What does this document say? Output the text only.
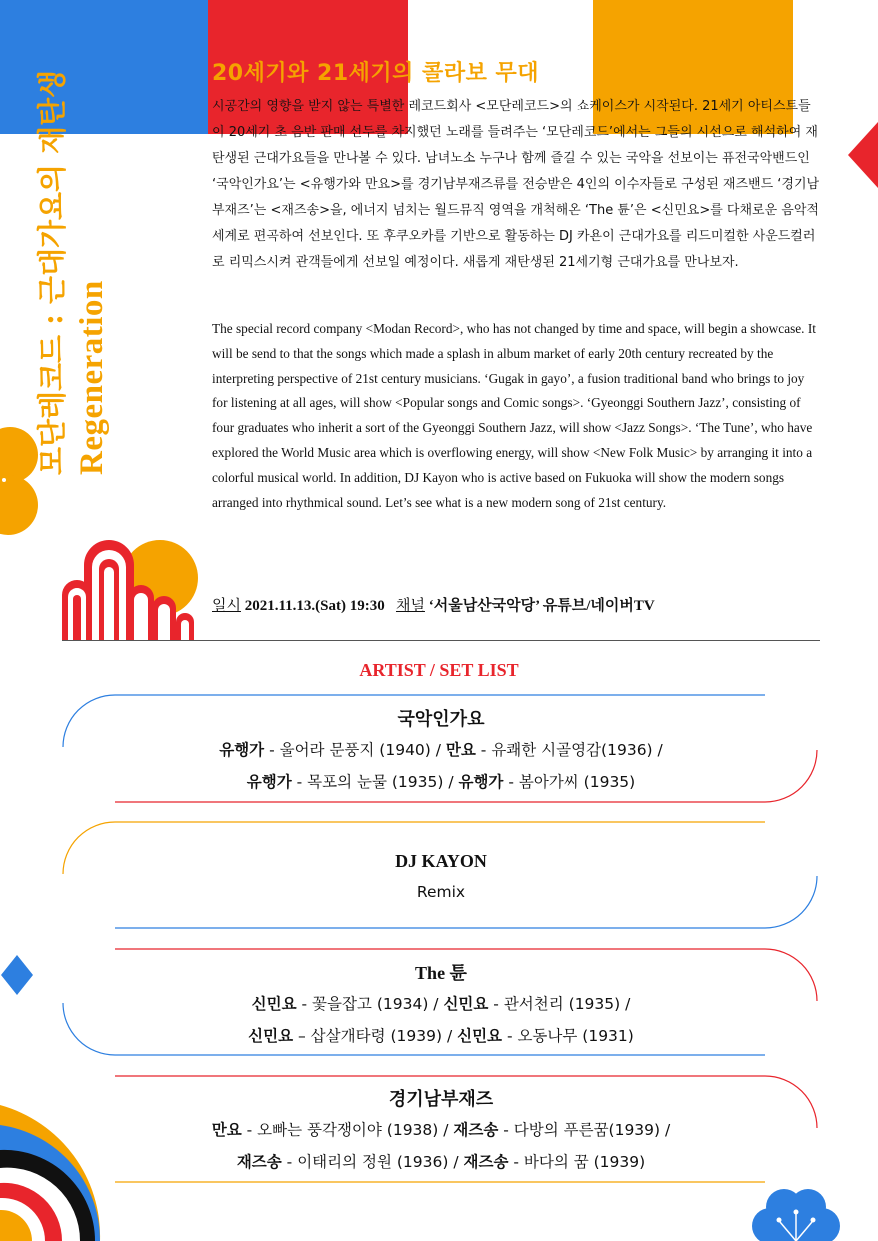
모단레코드 : 근대가요의 재탄생 Regeneration
20세기와 21세기의 콜라보 무대
시공간의 영향을 받지 않는 특별한 레코드회사 <모단레코드>의 쇼케이스가 시작된다. 21세기 아티스트들이 20세기 초 음반 판매 선두를 차지했던 노래를 들려주는 ‘모단레코드’에서는 그들의 시선으로 해석하여 재탄생된 근대가요들을 만나볼 수 있다. 남녀노소 누구나 함께 즐길 수 있는 국악을 선보이는 퓨전국악밴드인 ‘국악인가요’는 <유행가와 만요>를 경기남부재즈류를 전승받은 4인의 이수자들로 구성된 재즈밴드 ‘경기남부재즈’는 <재즈송>을, 에너지 넘치는 월드뮤직 영역을 개척해온 ‘The 튠’은 <신민요>를 다채로운 음악적 세계로 편곡하여 선보인다. 또 후쿠오카를 기반으로 활동하는 DJ 카욘이 근대가요를 리드미컬한 사운드컬러로 리믹스시켜 관객들에게 선보일 예정이다. 새롭게 재탄생된 21세기형 근대가요를 만나보자.
The special record company <Modan Record>, who has not changed by time and space, will begin a showcase. It will be send to that the songs which made a splash in album market of early 20th century recreated by the interpreting perspective of 21st century musicians. ‘Gugak in gayo’, a fusion traditional band who brings to joy for listening at all ages, will show <Popular songs and Comic songs>. ‘Gyeonggi Southern Jazz’, consisting of four graduates who inherit a sort of the Gyeonggi Southern Jazz, will show <Jazz Songs>. ‘The Tune’, who have explored the World Music area which is overflowing energy, will show <New Folk Music> by arranging it into a colorful musical world. In addition, DJ Kayon who is active based on Fukuoka will show the modern songs arranged into rhythmical sound. Let’s see what is a new modern song of 21st century.
일시 2021.11.13.(Sat) 19:30 채널 ‘서울남산국악당’ 유튜브/네이버TV
ARTIST / SET LIST
국악인가요
유행가 - 울어라 문풍지 (1940) / 만요 - 유쾌한 시골영감(1936) /
유행가 - 목포의 눈물 (1935) / 유행가 - 봄아가씨 (1935)
DJ KAYON
Remix
The 튠
신민요 - 꽃을잡고 (1934) / 신민요 - 관서천리 (1935) /
신민요 – 삽살개타령 (1939) / 신민요 - 오동나무 (1931)
경기남부재즈
만요 - 오빠는 풍각쟁이야 (1938) / 재즈송 - 다방의 푸른꿈(1939) /
재즈송 - 이태리의 정원 (1936) / 재즈송 - 바다의 꿈 (1939)
